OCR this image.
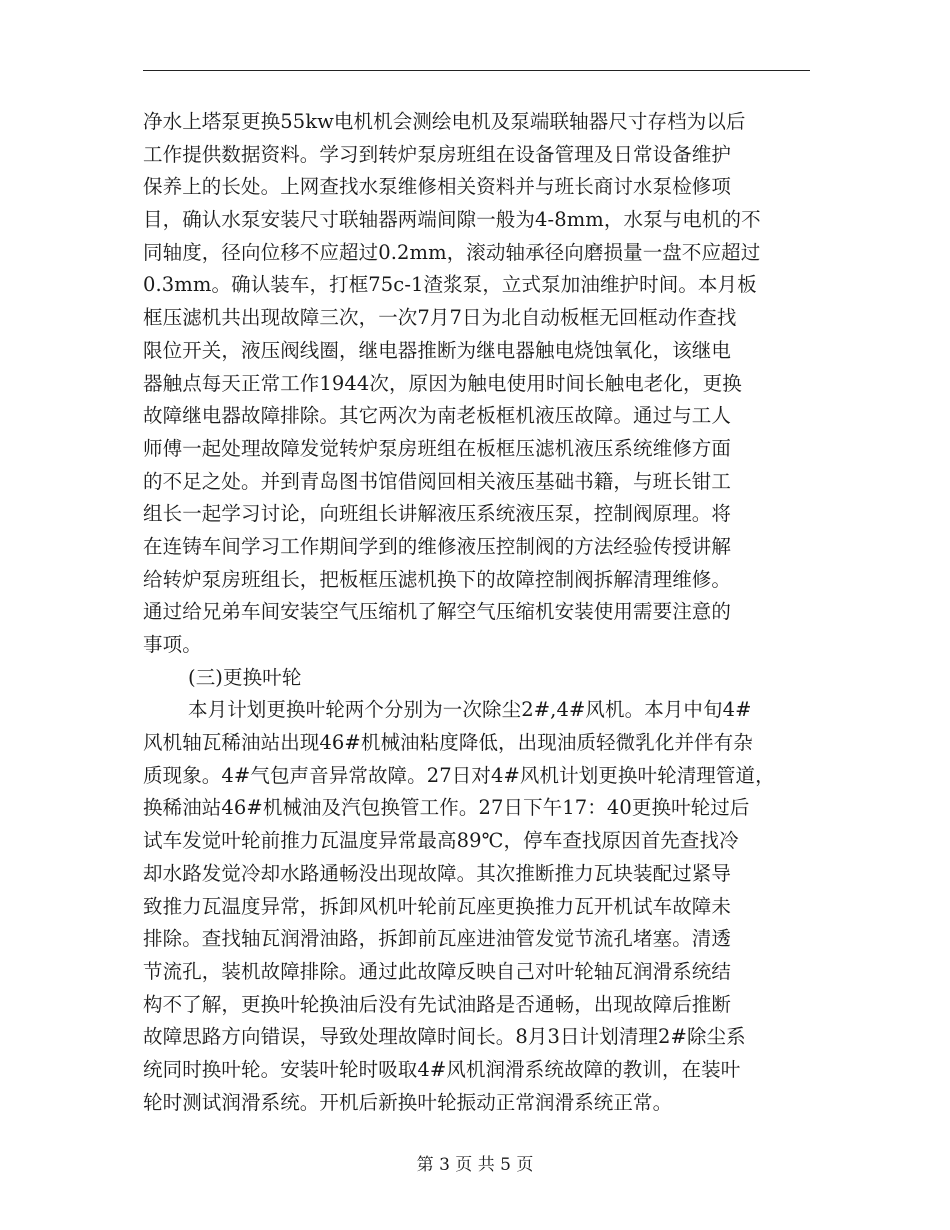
净水上塔泵更换55kw电机机会测绘电机及泵端联轴器尺寸存档为以后
工作提供数据资料。学习到转炉泵房班组在设备管理及日常设备维护
保养上的长处。上网查找水泵维修相关资料并与班长商讨水泵检修项
目，确认水泵安装尺寸联轴器两端间隙一般为4-8mm，水泵与电机的不
同轴度，径向位移不应超过0.2mm，滚动轴承径向磨损量一盘不应超过
0.3mm。确认装车，打框75c-1渣浆泵，立式泵加油维护时间。本月板
框压滤机共出现故障三次，一次7月7日为北自动板框无回框动作查找
限位开关，液压阀线圈，继电器推断为继电器触电烧蚀氧化，该继电
器触点每天正常工作1944次，原因为触电使用时间长触电老化，更换
故障继电器故障排除。其它两次为南老板框机液压故障。通过与工人
师傅一起处理故障发觉转炉泵房班组在板框压滤机液压系统维修方面
的不足之处。并到青岛图书馆借阅回相关液压基础书籍，与班长钳工
组长一起学习讨论，向班组长讲解液压系统液压泵，控制阀原理。将
在连铸车间学习工作期间学到的维修液压控制阀的方法经验传授讲解
给转炉泵房班组长，把板框压滤机换下的故障控制阀拆解清理维修。
通过给兄弟车间安装空气压缩机了解空气压缩机安装使用需要注意的
事项。
(三)更换叶轮
本月计划更换叶轮两个分别为一次除尘2#,4#风机。本月中旬4#
风机轴瓦稀油站出现46#机械油粘度降低，出现油质轻微乳化并伴有杂
质现象。4#气包声音异常故障。27日对4#风机计划更换叶轮清理管道，
换稀油站46#机械油及汽包换管工作。27日下午17：40更换叶轮过后
试车发觉叶轮前推力瓦温度异常最高89℃，停车查找原因首先查找冷
却水路发觉冷却水路通畅没出现故障。其次推断推力瓦块装配过紧导
致推力瓦温度异常，拆卸风机叶轮前瓦座更换推力瓦开机试车故障未
排除。查找轴瓦润滑油路，拆卸前瓦座进油管发觉节流孔堵塞。清透
节流孔，装机故障排除。通过此故障反映自己对叶轮轴瓦润滑系统结
构不了解，更换叶轮换油后没有先试油路是否通畅，出现故障后推断
故障思路方向错误，导致处理故障时间长。8月3日计划清理2#除尘系
统同时换叶轮。安装叶轮时吸取4#风机润滑系统故障的教训，在装叶
轮时测试润滑系统。开机后新换叶轮振动正常润滑系统正常。
第 3 页 共 5 页
